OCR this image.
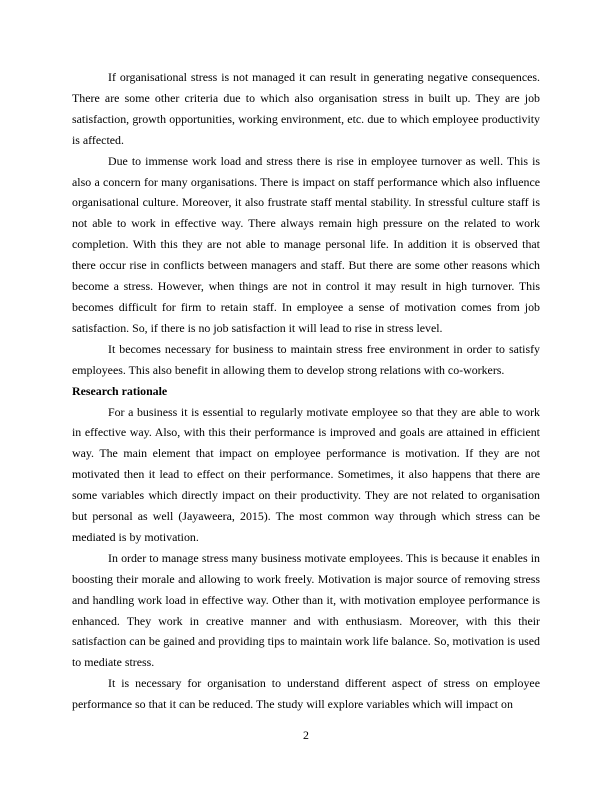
If organisational stress is not managed it can result in generating negative consequences. There are some other criteria due to which also organisation stress in built up. They are job satisfaction, growth opportunities, working environment, etc. due to which employee productivity is affected.

Due to immense work load and stress there is rise in employee turnover as well. This is also a concern for many organisations. There is impact on staff performance which also influence organisational culture. Moreover, it also frustrate staff mental stability. In stressful culture staff is not able to work in effective way. There always remain high pressure on the related to work completion. With this they are not able to manage personal life. In addition it is observed that there occur rise in conflicts between managers and staff. But there are some other reasons which become a stress. However, when things are not in control it may result in high turnover. This becomes difficult for firm to retain staff. In employee a sense of motivation comes from job satisfaction. So, if there is no job satisfaction it will lead to rise in stress level.

It becomes necessary for business to maintain stress free environment in order to satisfy employees. This also benefit in allowing them to develop strong relations with co-workers.

Research rationale

For a business it is essential to regularly motivate employee so that they are able to work in effective way. Also, with this their performance is improved and goals are attained in efficient way. The main element that impact on employee performance is motivation. If they are not motivated then it lead to effect on their performance. Sometimes, it also happens that there are some variables which directly impact on their productivity. They are not related to organisation but personal as well (Jayaweera, 2015). The most common way through which stress can be mediated is by motivation.

In order to manage stress many business motivate employees. This is because it enables in boosting their morale and allowing to work freely. Motivation is major source of removing stress and handling work load in effective way. Other than it, with motivation employee performance is enhanced. They work in creative manner and with enthusiasm. Moreover, with this their satisfaction can be gained and providing tips to maintain work life balance. So, motivation is used to mediate stress.

It is necessary for organisation to understand different aspect of stress on employee performance so that it can be reduced. The study will explore variables which will impact on

2
